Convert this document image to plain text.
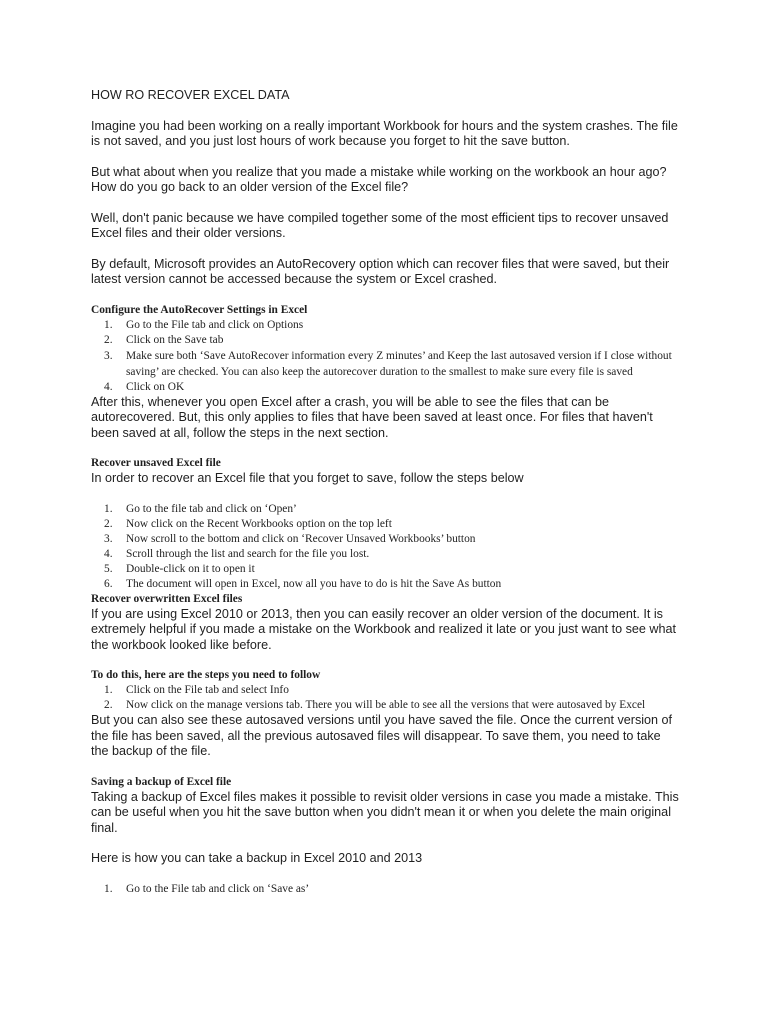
HOW RO RECOVER EXCEL DATA

Imagine you had been working on a really important Workbook for hours and the system crashes. The file is not saved, and you just lost hours of work because you forget to hit the save button.

But what about when you realize that you made a mistake while working on the workbook an hour ago? How do you go back to an older version of the Excel file?

Well, don't panic because we have compiled together some of the most efficient tips to recover unsaved Excel files and their older versions.

By default, Microsoft provides an AutoRecovery option which can recover files that were saved, but their latest version cannot be accessed because the system or Excel crashed.

Configure the AutoRecover Settings in Excel
1. Go to the File tab and click on Options
2. Click on the Save tab
3. Make sure both ‘Save AutoRecover information every Z minutes’ and Keep the last autosaved version if I close without saving’ are checked. You can also keep the autorecover duration to the smallest to make sure every file is saved
4. Click on OK

After this, whenever you open Excel after a crash, you will be able to see the files that can be autorecovered. But, this only applies to files that have been saved at least once. For files that haven't been saved at all, follow the steps in the next section.

Recover unsaved Excel file

In order to recover an Excel file that you forget to save, follow the steps below

1. Go to the file tab and click on ‘Open’
2. Now click on the Recent Workbooks option on the top left
3. Now scroll to the bottom and click on ‘Recover Unsaved Workbooks’ button
4. Scroll through the list and search for the file you lost.
5. Double-click on it to open it
6. The document will open in Excel, now all you have to do is hit the Save As button
Recover overwritten Excel files

If you are using Excel 2010 or 2013, then you can easily recover an older version of the document. It is extremely helpful if you made a mistake on the Workbook and realized it late or you just want to see what the workbook looked like before.

To do this, here are the steps you need to follow
1. Click on the File tab and select Info
2. Now click on the manage versions tab. There you will be able to see all the versions that were autosaved by Excel

But you can also see these autosaved versions until you have saved the file. Once the current version of the file has been saved, all the previous autosaved files will disappear. To save them, you need to take the backup of the file.

Saving a backup of Excel file

Taking a backup of Excel files makes it possible to revisit older versions in case you made a mistake. This can be useful when you hit the save button when you didn't mean it or when you delete the main original final.

Here is how you can take a backup in Excel 2010 and 2013

1. Go to the File tab and click on ‘Save as’
